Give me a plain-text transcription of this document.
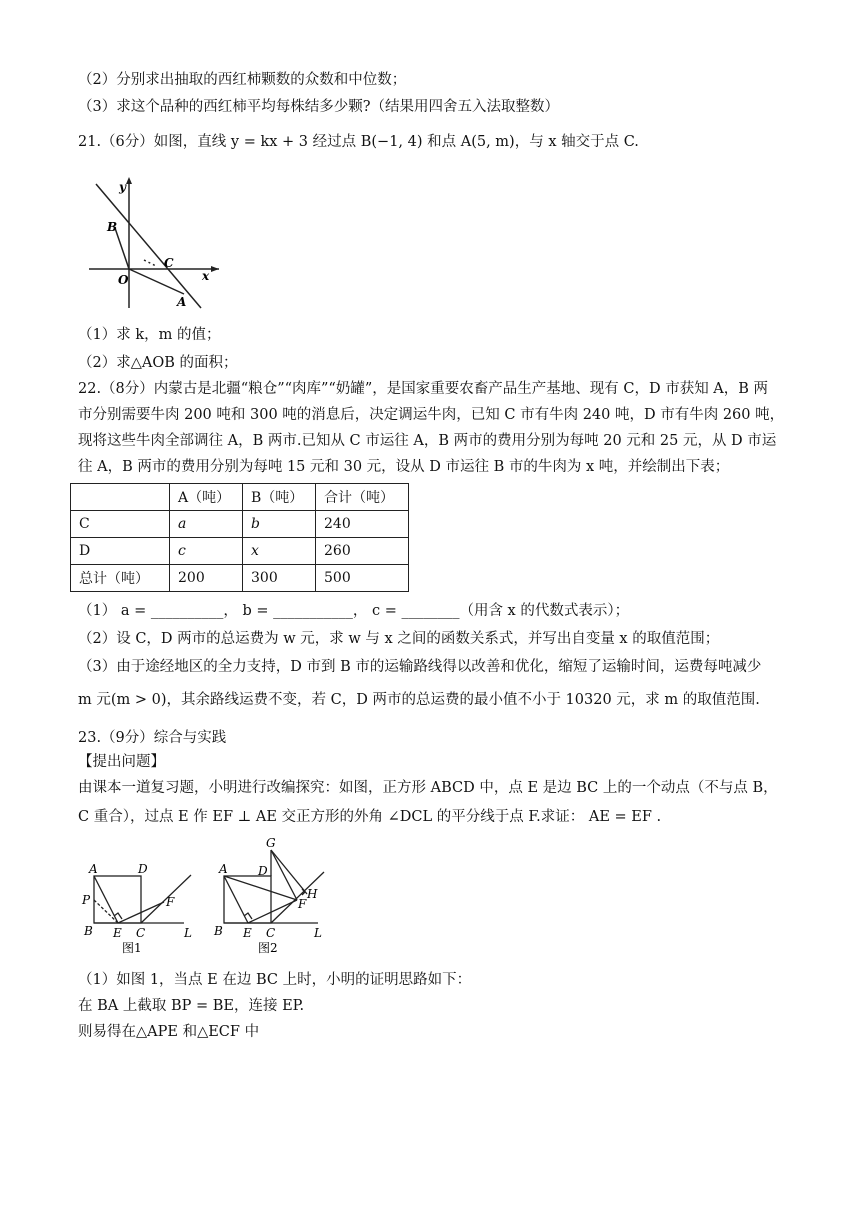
（2）分别求出抽取的西红柿颗数的众数和中位数；
（3）求这个品种的西红柿平均每株结多少颗?（结果用四舍五入法取整数）
21.（6分）如图，直线 y = kx + 3 经过点 B(−1, 4) 和点 A(5, m)，与 x 轴交于点 C.
y
B
C
O	x
A
（1）求 k，m 的值；
（2）求△AOB 的面积；
22.（8分）内蒙古是北疆“粮仓”“肉库”“奶罐”，是国家重要农畜产品生产基地、现有 C，D 市获知 A，B 两
市分别需要牛肉 200 吨和 300 吨的消息后，决定调运牛肉，已知 C 市有牛肉 240 吨，D 市有牛肉 260 吨，
现将这些牛肉全部调往 A，B 两市.已知从 C 市运往 A，B 两市的费用分别为每吨 20 元和 25 元，从 D 市运
往 A，B 两市的费用分别为每吨 15 元和 30 元，设从 D 市运往 B 市的牛肉为 x 吨，并绘制出下表；
	A（吨）	B（吨）	合计（吨）
C	a	b	240
D	c	x	260
总计（吨）	200	300	500
（1） a = __________， b = ___________， c = ________（用含 x 的代数式表示）；
（2）设 C，D 两市的总运费为 w 元，求 w 与 x 之间的函数关系式，并写出自变量 x 的取值范围；
（3）由于途经地区的全力支持，D 市到 B 市的运输路线得以改善和优化，缩短了运输时间，运费每吨减少
m 元(m > 0)，其余路线运费不变，若 C，D 两市的总运费的最小值不小于 10320 元，求 m 的取值范围.
23.（9分）综合与实践
【提出问题】
由课本一道复习题，小明进行改编探究：如图，正方形 ABCD 中，点 E 是边 BC 上的一个动点（不与点 B，
C 重合），过点 E 作 EF ⊥ AE 交正方形的外角 ∠DCL 的平分线于点 F.求证： AE = EF .
A	D
P	F
B E C	L
图1
G
A	D
H
F
B E C	L
图2
（1）如图 1，当点 E 在边 BC 上时，小明的证明思路如下：
在 BA 上截取 BP = BE，连接 EP.
则易得在△APE 和△ECF 中
